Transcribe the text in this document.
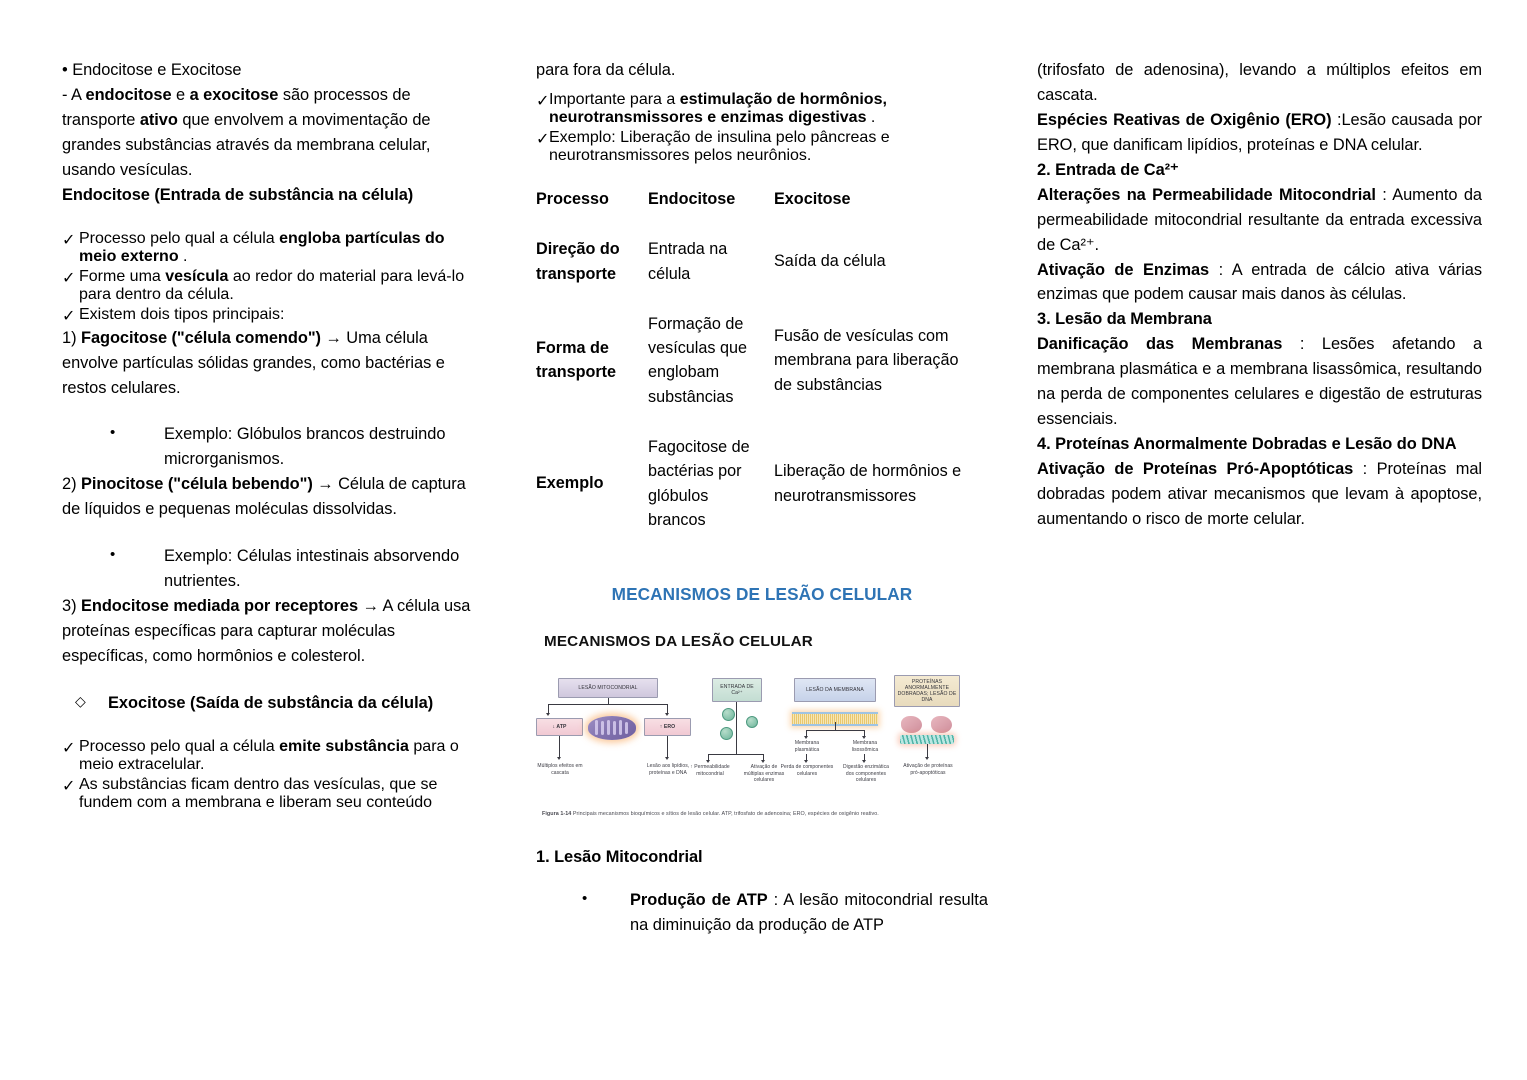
• Endocitose e Exocitose

- A endocitose e a exocitose são processos de transporte ativo que envolvem a movimentação de grandes substâncias através da membrana celular, usando vesículas.

Endocitose (Entrada de substância na célula)

✓ Processo pelo qual a célula engloba partículas do meio externo .
✓ Forme uma vesícula ao redor do material para levá-lo para dentro da célula.
✓ Existem dois tipos principais:

1) Fagocitose ("célula comendo") → Uma célula envolve partículas sólidas grandes, como bactérias e restos celulares.

•	Exemplo: Glóbulos brancos destruindo microrganismos.

2) Pinocitose ("célula bebendo") → Célula de captura de líquidos e pequenas moléculas dissolvidas.

•	Exemplo: Células intestinais absorvendo nutrientes.

3) Endocitose mediada por receptores → A célula usa proteínas específicas para capturar moléculas específicas, como hormônios e colesterol.

◇	Exocitose (Saída de substância da célula)
✓ Processo pelo qual a célula emite substância para o meio extracelular.
✓ As substâncias ficam dentro das vesículas, que se fundem com a membrana e liberam seu conteúdo

para fora da célula.

✓ Importante para a estimulação de hormônios, neurotransmissores e enzimas digestivas .
✓ Exemplo: Liberação de insulina pelo pâncreas e neurotransmissores pelos neurônios.
Processo	Endocitose	Exocitose
Direção do transporte	Entrada na célula	Saída da célula
Forma de transporte	Formação de vesículas que englobam substâncias	Fusão de vesículas com membrana para liberação de substâncias
Exemplo	Fagocitose de bactérias por glóbulos brancos	Liberação de hormônios e neurotransmissores

MECANISMOS DE LESÃO CELULAR

MECANISMOS DA LESÃO CELULAR
LESÃO MITOCONDRIAL
↓ ATP	↑ ERO
Múltiplos efeitos em cascata
Lesão aos lipídios, proteínas e DNA
ENTRADA DE Ca²⁺
↑ Permeabilidade mitocondrial
Ativação de múltiplas enzimas celulares
LESÃO DA MEMBRANA
Membrana plasmática
Membrana lisossômica
Perda de componentes celulares
Digestão enzimática dos componentes celulares
PROTEÍNAS ANORMALMENTE DOBRADAS; LESÃO DE DNA
Ativação de proteínas pró-apoptóticas
Figura 1-14 Principais mecanismos bioquímicos e sítios de lesão celular. ATP, trifosfato de adenosina; ERO, espécies de oxigênio reativo.

1. Lesão Mitocondrial

•	Produção de ATP : A lesão mitocondrial resulta na diminuição da produção de ATP

(trifosfato de adenosina), levando a múltiplos efeitos em cascata.

Espécies Reativas de Oxigênio (ERO) :Lesão causada por ERO, que danificam lipídios, proteínas e DNA celular.

2. Entrada de Ca²⁺

Alterações na Permeabilidade Mitocondrial : Aumento da permeabilidade mitocondrial resultante da entrada excessiva de Ca²⁺.

Ativação de Enzimas : A entrada de cálcio ativa várias enzimas que podem causar mais danos às células.

3. Lesão da Membrana

Danificação das Membranas : Lesões afetando a membrana plasmática e a membrana lisassômica, resultando na perda de componentes celulares e digestão de estruturas essenciais.

4. Proteínas Anormalmente Dobradas e Lesão do DNA

Ativação de Proteínas Pró-Apoptóticas : Proteínas mal dobradas podem ativar mecanismos que levam à apoptose, aumentando o risco de morte celular.
